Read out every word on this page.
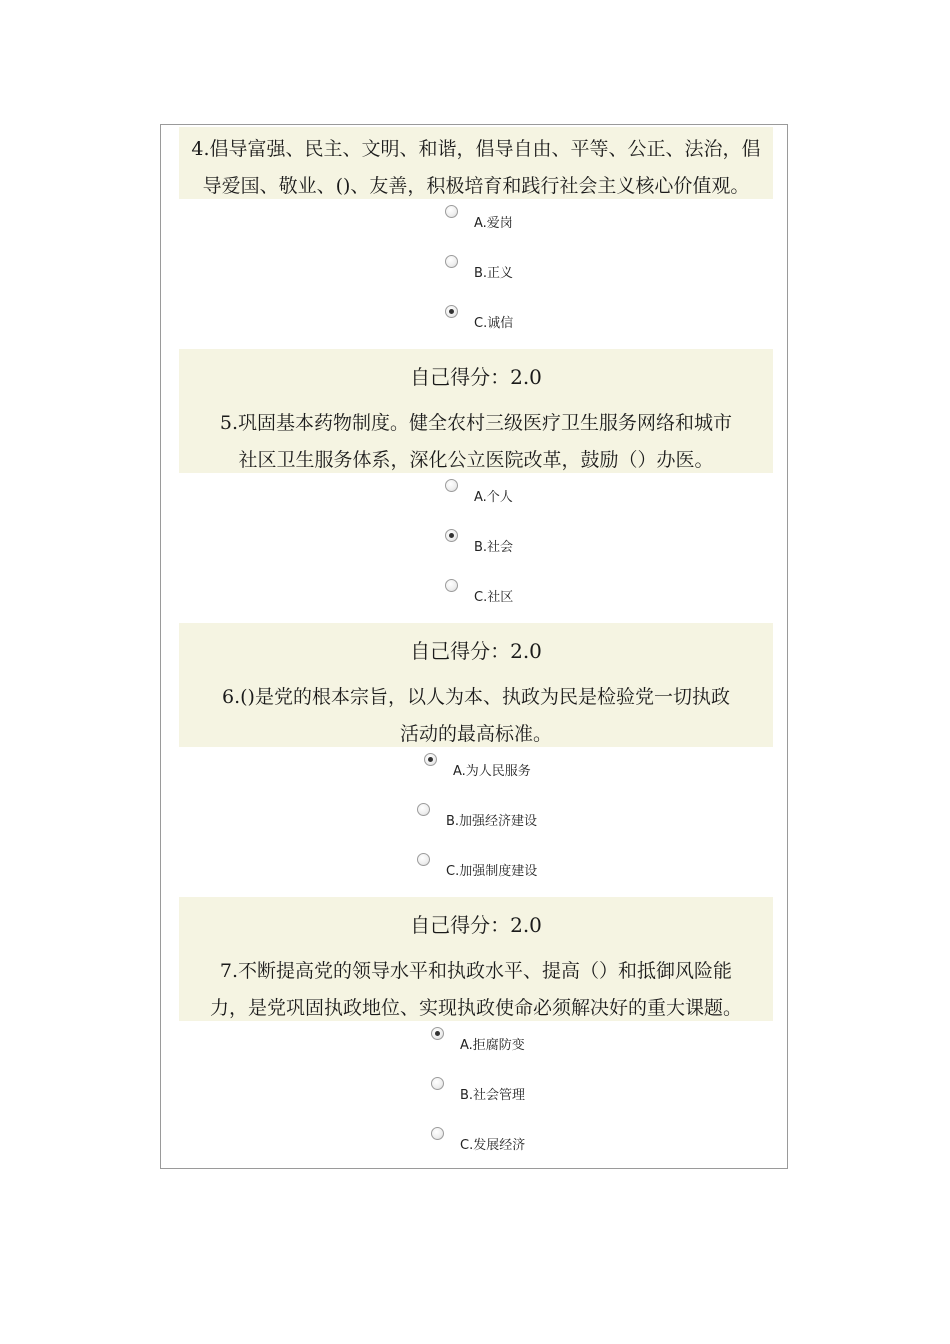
4.倡导富强、民主、文明、和谐，倡导自由、平等、公正、法治，倡
导爱国、敬业、()、友善，积极培育和践行社会主义核心价值观。
A.爱岗
B.正义
C.诚信
自己得分：2.0
5.巩固基本药物制度。健全农村三级医疗卫生服务网络和城市
社区卫生服务体系，深化公立医院改革，鼓励（）办医。
A.个人
B.社会
C.社区
自己得分：2.0
6.()是党的根本宗旨，以人为本、执政为民是检验党一切执政
活动的最高标准。
A.为人民服务
B.加强经济建设
C.加强制度建设
自己得分：2.0
7.不断提高党的领导水平和执政水平、提高（）和抵御风险能
力，是党巩固执政地位、实现执政使命必须解决好的重大课题。
A.拒腐防变
B.社会管理
C.发展经济
